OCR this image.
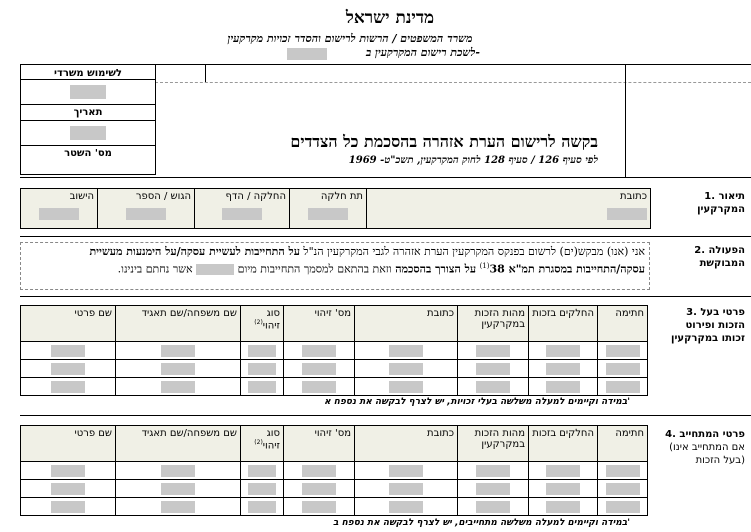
מדינת ישראל
משרד המשפטים / הרשות לרישום והסדר זכויות מקרקעין
לשכת רישום המקרקעין ב-
לשימוש משרדי
תאריך
מס' השטר
בקשה לרישום הערת אזהרה בהסכמת כל הצדדים
לפי סעיף 126 / סעיף 128 לחוק המקרקעין, תשכ"ט- 1969
1. תיאור המקרקעין
הישוב	הגוש / הספר	החלקה / הדף	תת חלקה	כתובת
2. הפעולה המבוקשת
אני (אנו) מבקש(ים) לרשום בפנקס המקרקעין הערת אזהרה לגבי המקרקעין הנ"ל על התחייבות לעשיית עסקה/על הימנעות מעשיית עסקה/התחייבות במסגרת תמ"א 38$^{(1)}$ על הצורך בהסכמה וזאת בהתאם למסמך התחייבות מיום  אשר נחתם בינינו.
3. פרטי בעל הזכות ופירוט זכותו במקרקעין
שם פרטי	שם משפחה/שם תאגיד	סוג זיהוי$^{(2)}$	מס' זיהוי	כתובת	מהות הזכות במקרקעין	החלקים בזכות	חתימה

במידה וקיימים למעלה משלשה בעלי זכויות, יש לצרף לבקשה את נספח א'
4. פרטי המתחייב
(אם המתחייב אינו בעל הזכות)
שם פרטי	שם משפחה/שם תאגיד	סוג זיהוי$^{(2)}$	מס' זיהוי	כתובת	מהות הזכות במקרקעין	החלקים בזכות	חתימה

במידה וקיימים למעלה משלשה מתחייבים, יש לצרף לבקשה את נספח ב'
